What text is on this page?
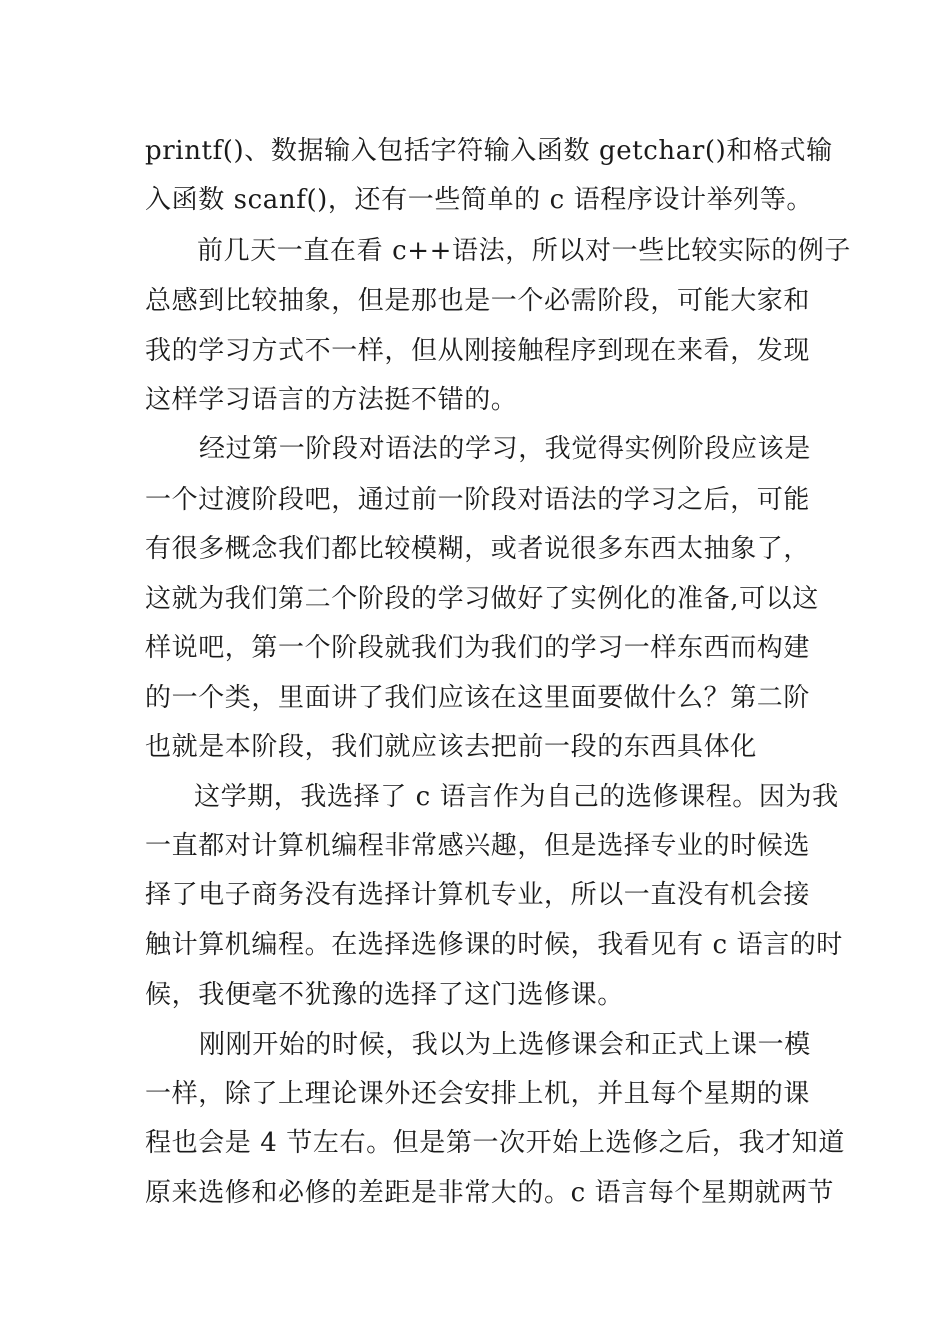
printf()、数据输入包括字符输入函数 getchar()和格式输
入函数 scanf()，还有一些简单的 c 语程序设计举列等。
前几天一直在看 c++语法，所以对一些比较实际的例子
总感到比较抽象，但是那也是一个必需阶段，可能大家和
我的学习方式不一样，但从刚接触程序到现在来看，发现
这样学习语言的方法挺不错的。
经过第一阶段对语法的学习，我觉得实例阶段应该是
一个过渡阶段吧，通过前一阶段对语法的学习之后，可能
有很多概念我们都比较模糊，或者说很多东西太抽象了，
这就为我们第二个阶段的学习做好了实例化的准备,可以这
样说吧，第一个阶段就我们为我们的学习一样东西而构建
的一个类，里面讲了我们应该在这里面要做什么？第二阶
也就是本阶段，我们就应该去把前一段的东西具体化
这学期，我选择了 c 语言作为自己的选修课程。因为我
一直都对计算机编程非常感兴趣，但是选择专业的时候选
择了电子商务没有选择计算机专业，所以一直没有机会接
触计算机编程。在选择选修课的时候，我看见有 c 语言的时
候，我便毫不犹豫的选择了这门选修课。
刚刚开始的时候，我以为上选修课会和正式上课一模
一样，除了上理论课外还会安排上机，并且每个星期的课
程也会是 4 节左右。但是第一次开始上选修之后，我才知道
原来选修和必修的差距是非常大的。c 语言每个星期就两节
